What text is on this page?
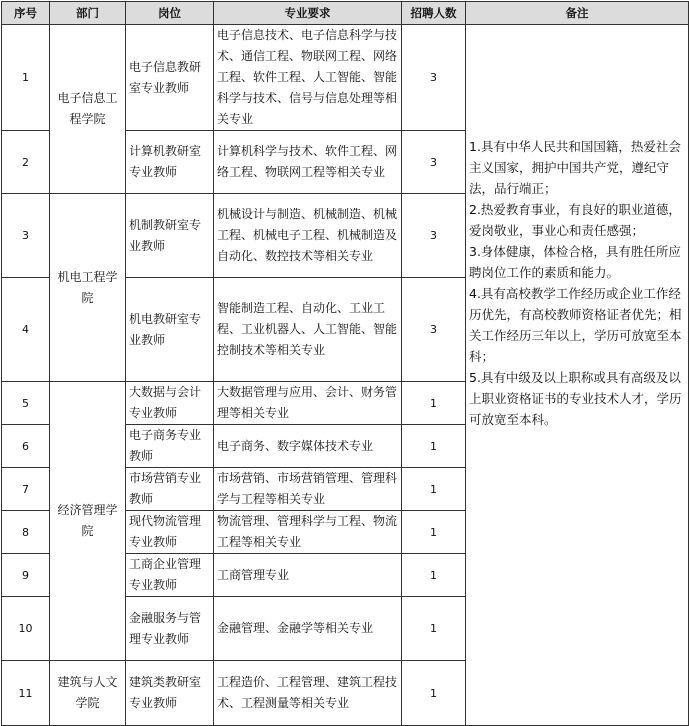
序号	部门	岗位	专业要求	招聘人数	备注
1	电子信息工程学院	电子信息教研室专业教师	电子信息技术、电子信息科学与技术、通信工程、物联网工程、网络工程、软件工程、人工智能、智能科学与技术、信号与信息处理等相关专业	3	1.具有中华人民共和国国籍，热爱社会主义国家，拥护中国共产党，遵纪守法，品行端正；
2.热爱教育事业，有良好的职业道德，爱岗敬业，事业心和责任感强；
3.身体健康，体检合格，具有胜任所应聘岗位工作的素质和能力。
4.具有高校教学工作经历或企业工作经历优先，有高校教师资格证者优先；相关工作经历三年以上，学历可放宽至本科；
5.具有中级及以上职称或具有高级及以上职业资格证书的专业技术人才，学历可放宽至本科。

2		计算机教研室专业教师	计算机科学与技术、软件工程、网络工程、物联网工程等相关专业	3	
3	机电工程学院	机制教研室专业教师	机械设计与制造、机械制造、机械工程、机械电子工程、机械制造及自动化、数控技术等相关专业	3	
4		机电教研室专业教师	智能制造工程、自动化、工业工程、工业机器人、人工智能、智能控制技术等相关专业	3	
5	经济管理学院	大数据与会计专业教师	大数据管理与应用、会计、财务管理等相关专业	1	
6		电子商务专业教师	电子商务、数字媒体技术专业	1	
7		市场营销专业教师	市场营销、市场营销管理、管理科学与工程等相关专业	1	
8		现代物流管理专业教师	物流管理、管理科学与工程、物流工程等相关专业	1	
9		工商企业管理专业教师	工商管理专业	1	
10		金融服务与管理专业教师	金融管理、金融学等相关专业	1	
11	建筑与人文学院	建筑类教研室专业教师	工程造价、工程管理、建筑工程技术、工程测量等相关专业	1	
